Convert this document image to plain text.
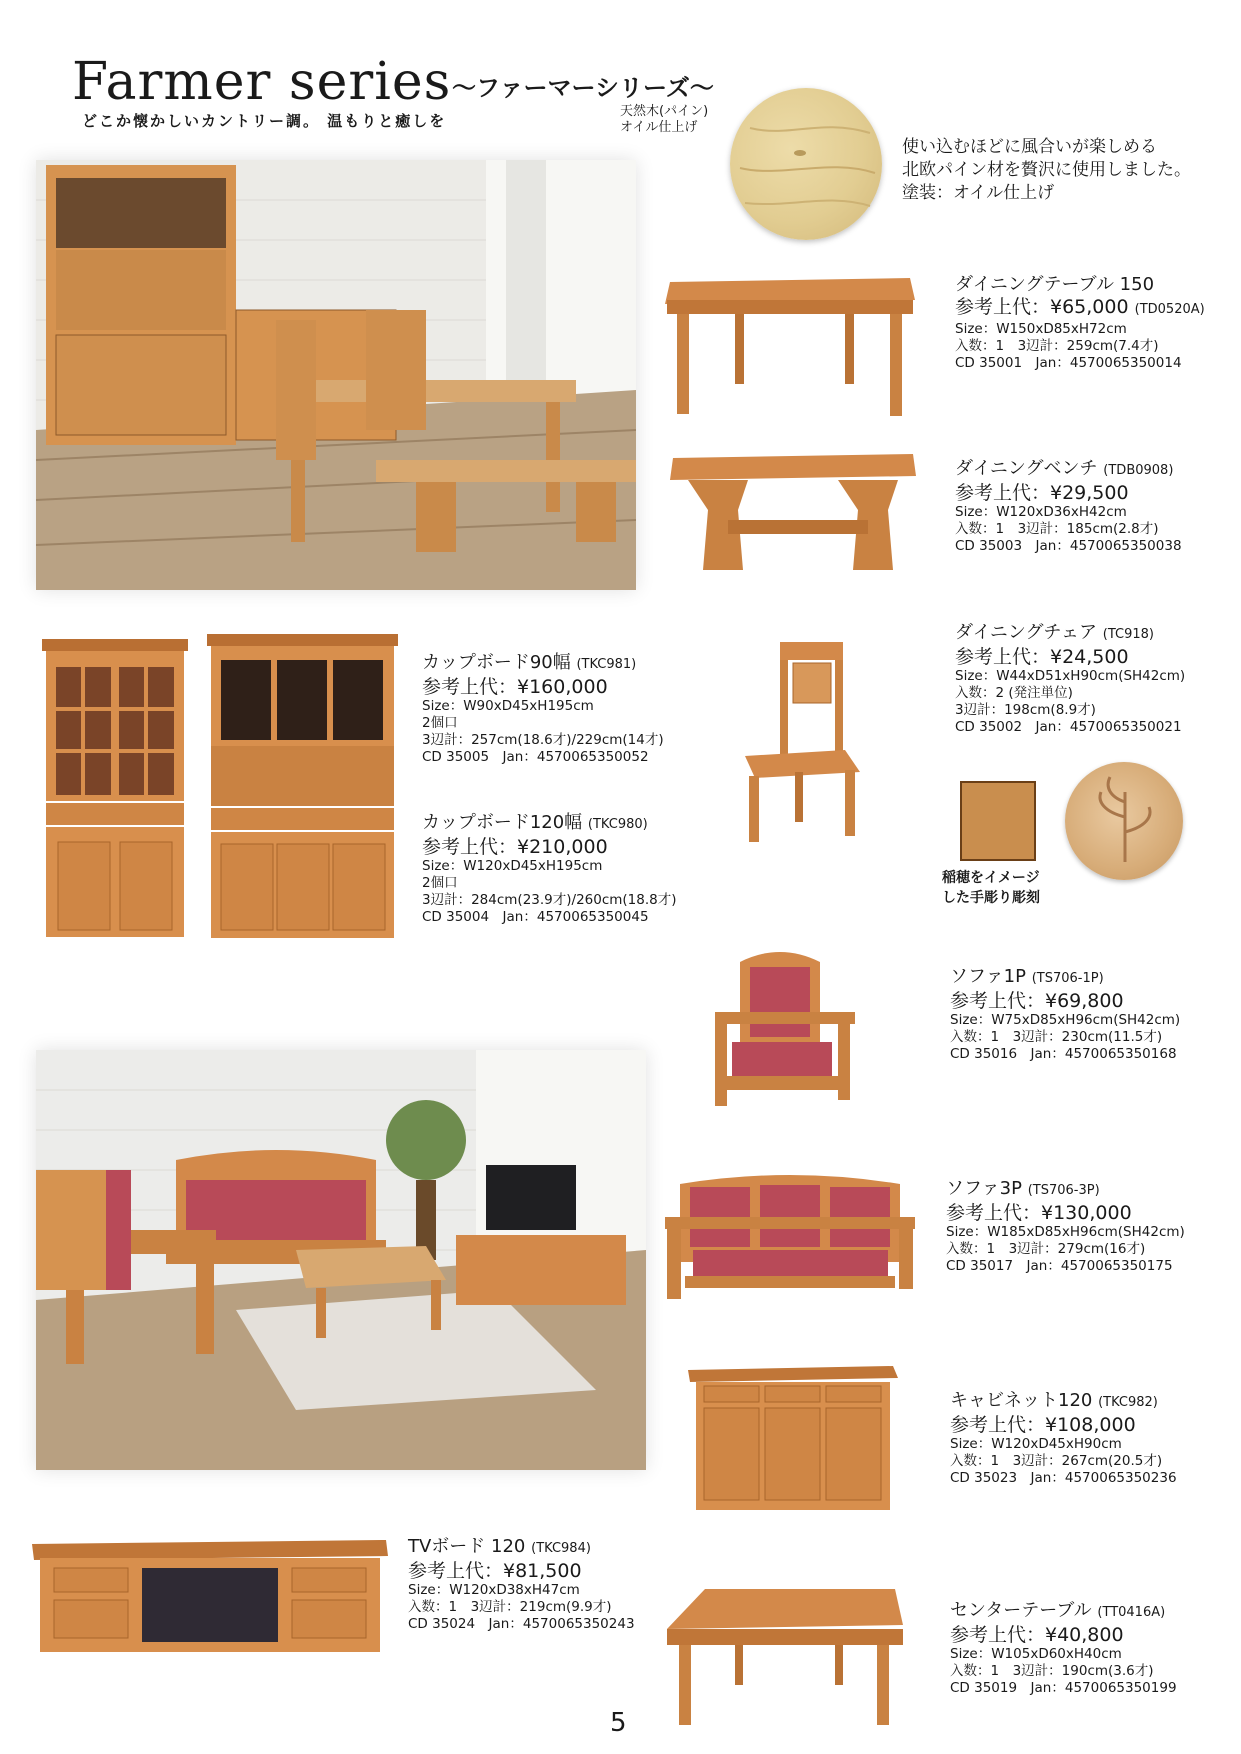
Farmer series 〜ファーマーシリーズ〜
どこか懐かしいカントリー調。 温もりと癒しを
天然木(パイン)
オイル仕上げ
使い込むほどに風合いが楽しめる
北欧パイン材を贅沢に使用しました。
塗装：オイル仕上げ
ダイニングテーブル 150
参考上代：¥65,000 (TD0520A)
Size：W150xD85xH72cm
入数：1　3辺計：259cm(7.4才)
CD 35001　Jan：4570065350014
ダイニングベンチ (TDB0908)
参考上代：¥29,500
Size：W120xD36xH42cm
入数：1　3辺計：185cm(2.8才)
CD 35003　Jan：4570065350038
ダイニングチェア (TC918)
参考上代：¥24,500
Size：W44xD51xH90cm(SH42cm)
入数：2 (発注単位)
3辺計：198cm(8.9才)
CD 35002　Jan：4570065350021
稲穂をイメージ
した手彫り彫刻
カップボード90幅 (TKC981)
参考上代：¥160,000
Size：W90xD45xH195cm
2個口
3辺計：257cm(18.6才)/229cm(14才)
CD 35005　Jan：4570065350052
カップボード120幅 (TKC980)
参考上代：¥210,000
Size：W120xD45xH195cm
2個口
3辺計：284cm(23.9才)/260cm(18.8才)
CD 35004　Jan：4570065350045
ソファ1P (TS706-1P)
参考上代：¥69,800
Size：W75xD85xH96cm(SH42cm)
入数：1　3辺計：230cm(11.5才)
CD 35016　Jan：4570065350168
ソファ3P (TS706-3P)
参考上代：¥130,000
Size：W185xD85xH96cm(SH42cm)
入数：1　3辺計：279cm(16才)
CD 35017　Jan：4570065350175
キャビネット120 (TKC982)
参考上代：¥108,000
Size：W120xD45xH90cm
入数：1　3辺計：267cm(20.5才)
CD 35023　Jan：4570065350236
TVボード 120 (TKC984)
参考上代：¥81,500
Size：W120xD38xH47cm
入数：1　3辺計：219cm(9.9才)
CD 35024　Jan：4570065350243
センターテーブル (TT0416A)
参考上代：¥40,800
Size：W105xD60xH40cm
入数：1　3辺計：190cm(3.6才)
CD 35019　Jan：4570065350199
5
